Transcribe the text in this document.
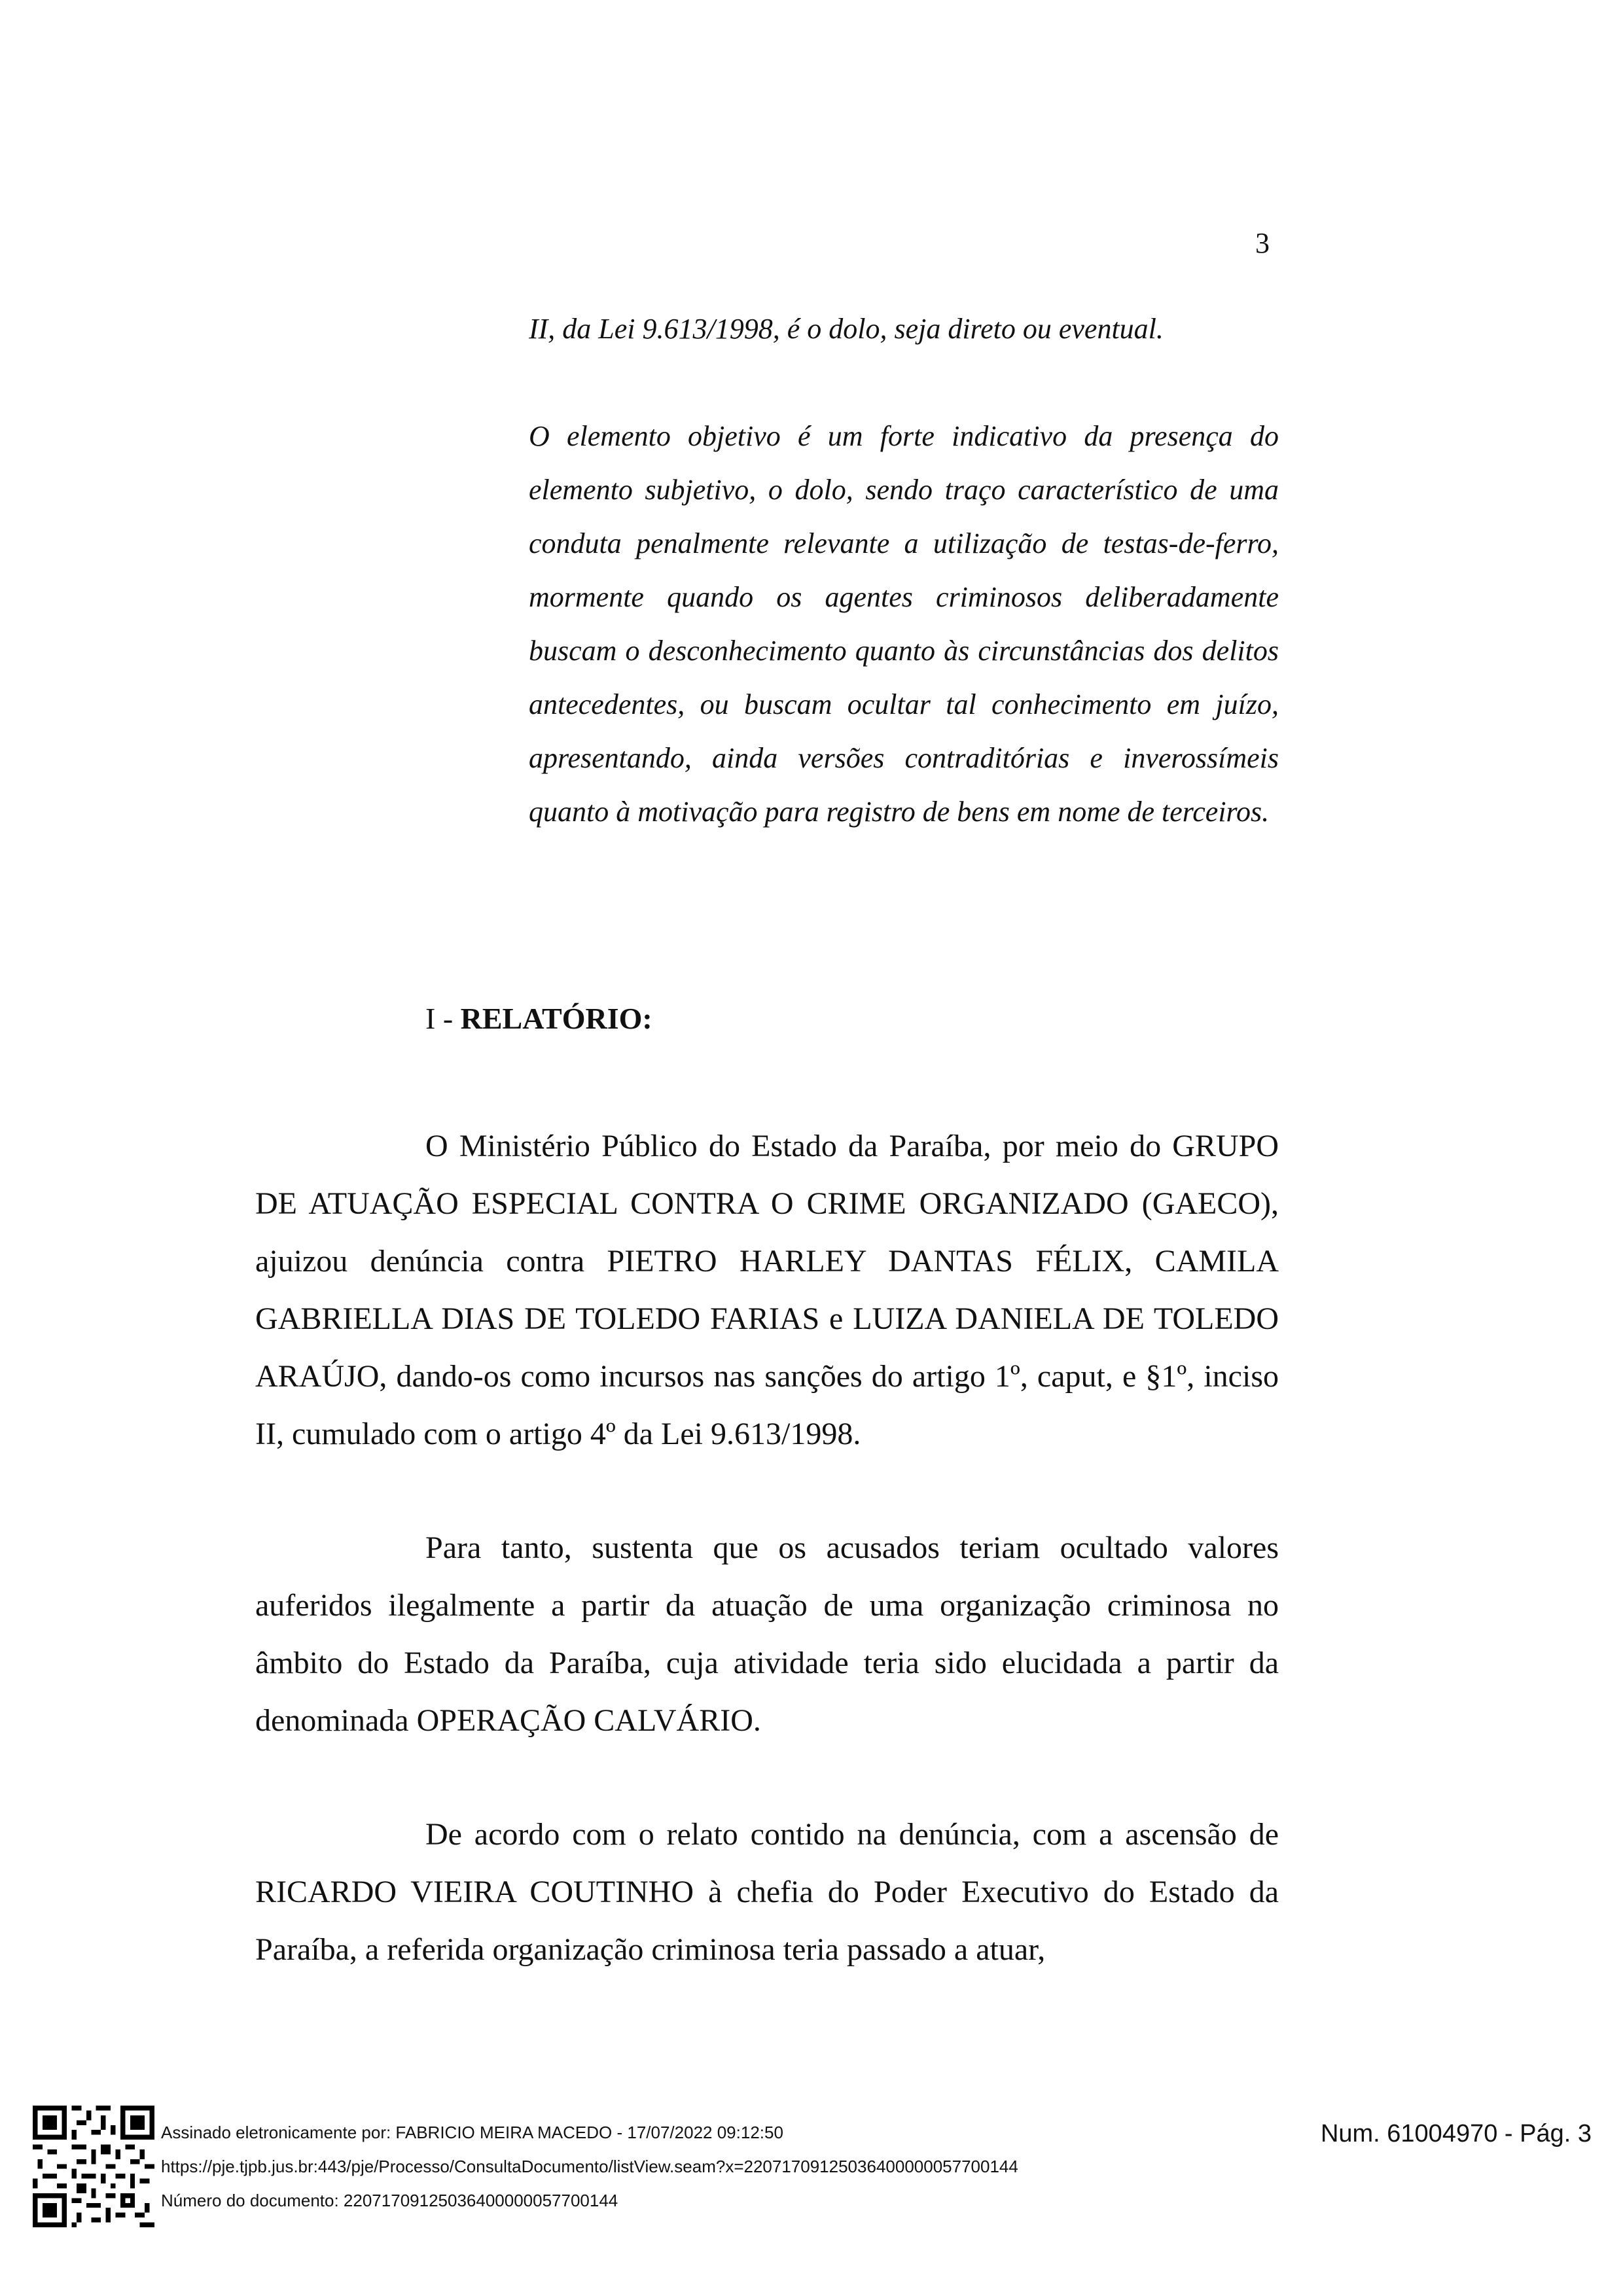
3

II, da Lei 9.613/1998, é o dolo, seja direto ou eventual.

O elemento objetivo é um forte indicativo da presença do elemento subjetivo, o dolo, sendo traço característico de uma conduta penalmente relevante a utilização de testas-de-ferro, mormente quando os agentes criminosos deliberadamente buscam o desconhecimento quanto às circunstâncias dos delitos antecedentes, ou buscam ocultar tal conhecimento em juízo, apresentando, ainda versões contraditórias e inverossímeis quanto à motivação para registro de bens em nome de terceiros.

I - RELATÓRIO:

O Ministério Público do Estado da Paraíba, por meio do GRUPO DE ATUAÇÃO ESPECIAL CONTRA O CRIME ORGANIZADO (GAECO), ajuizou denúncia contra PIETRO HARLEY DANTAS FÉLIX, CAMILA GABRIELLA DIAS DE TOLEDO FARIAS e LUIZA DANIELA DE TOLEDO ARAÚJO, dando-os como incursos nas sanções do artigo 1º, caput, e §1º, inciso II, cumulado com o artigo 4º da Lei 9.613/1998.

Para tanto, sustenta que os acusados teriam ocultado valores auferidos ilegalmente a partir da atuação de uma organização criminosa no âmbito do Estado da Paraíba, cuja atividade teria sido elucidada a partir da denominada OPERAÇÃO CALVÁRIO.

De acordo com o relato contido na denúncia, com a ascensão de RICARDO VIEIRA COUTINHO à chefia do Poder Executivo do Estado da Paraíba, a referida organização criminosa teria passado a atuar,

Assinado eletronicamente por: FABRICIO MEIRA MACEDO - 17/07/2022 09:12:50
https://pje.tjpb.jus.br:443/pje/Processo/ConsultaDocumento/listView.seam?x=22071709125036400000057700144
Número do documento: 22071709125036400000057700144
Num. 61004970 - Pág. 3
